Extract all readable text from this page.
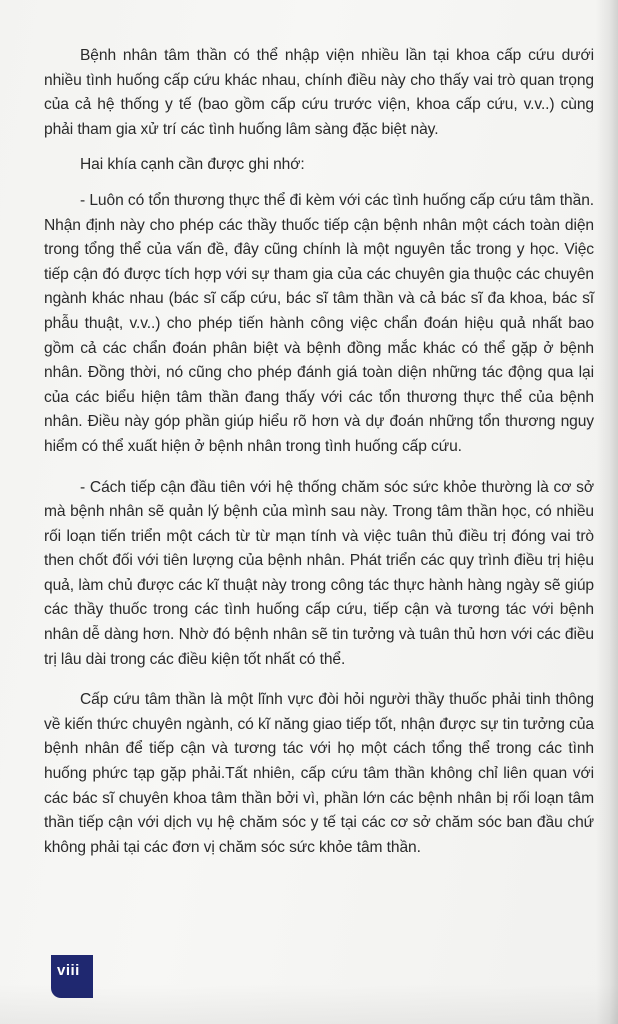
Bệnh nhân tâm thần có thể nhập viện nhiều lần tại khoa cấp cứu dưới nhiều tình huống cấp cứu khác nhau, chính điều này cho thấy vai trò quan trọng của cả hệ thống y tế (bao gồm cấp cứu trước viện, khoa cấp cứu, v.v..) cùng phải tham gia xử trí các tình huống lâm sàng đặc biệt này.

Hai khía cạnh cần được ghi nhớ:

- Luôn có tổn thương thực thể đi kèm với các tình huống cấp cứu tâm thần. Nhận định này cho phép các thầy thuốc tiếp cận bệnh nhân một cách toàn diện trong tổng thể của vấn đề, đây cũng chính là một nguyên tắc trong y học. Việc tiếp cận đó được tích hợp với sự tham gia của các chuyên gia thuộc các chuyên ngành khác nhau (bác sĩ cấp cứu, bác sĩ tâm thần và cả bác sĩ đa khoa, bác sĩ phẫu thuật, v.v..) cho phép tiến hành công việc chẩn đoán hiệu quả nhất bao gồm cả các chẩn đoán phân biệt và bệnh đồng mắc khác có thể gặp ở bệnh nhân. Đồng thời, nó cũng cho phép đánh giá toàn diện những tác động qua lại của các biểu hiện tâm thần đang thấy với các tổn thương thực thể của bệnh nhân. Điều này góp phần giúp hiểu rõ hơn và dự đoán những tổn thương nguy hiểm có thể xuất hiện ở bệnh nhân trong tình huống cấp cứu.

- Cách tiếp cận đầu tiên với hệ thống chăm sóc sức khỏe thường là cơ sở mà bệnh nhân sẽ quản lý bệnh của mình sau này. Trong tâm thần học, có nhiều rối loạn tiến triển một cách từ từ mạn tính và việc tuân thủ điều trị đóng vai trò then chốt đối với tiên lượng của bệnh nhân. Phát triển các quy trình điều trị hiệu quả, làm chủ được các kĩ thuật này trong công tác thực hành hàng ngày sẽ giúp các thầy thuốc trong các tình huống cấp cứu, tiếp cận và tương tác với bệnh nhân dễ dàng hơn. Nhờ đó bệnh nhân sẽ tin tưởng và tuân thủ hơn với các điều trị lâu dài trong các điều kiện tốt nhất có thể.

Cấp cứu tâm thần là một lĩnh vực đòi hỏi người thầy thuốc phải tinh thông về kiến thức chuyên ngành, có kĩ năng giao tiếp tốt, nhận được sự tin tưởng của bệnh nhân để tiếp cận và tương tác với họ một cách tổng thể trong các tình huống phức tạp gặp phải.Tất nhiên, cấp cứu tâm thần không chỉ liên quan với các bác sĩ chuyên khoa tâm thần bởi vì, phần lớn các bệnh nhân bị rối loạn tâm thần tiếp cận với dịch vụ hệ chăm sóc y tế tại các cơ sở chăm sóc ban đầu chứ không phải tại các đơn vị chăm sóc sức khỏe tâm thần.

viii
